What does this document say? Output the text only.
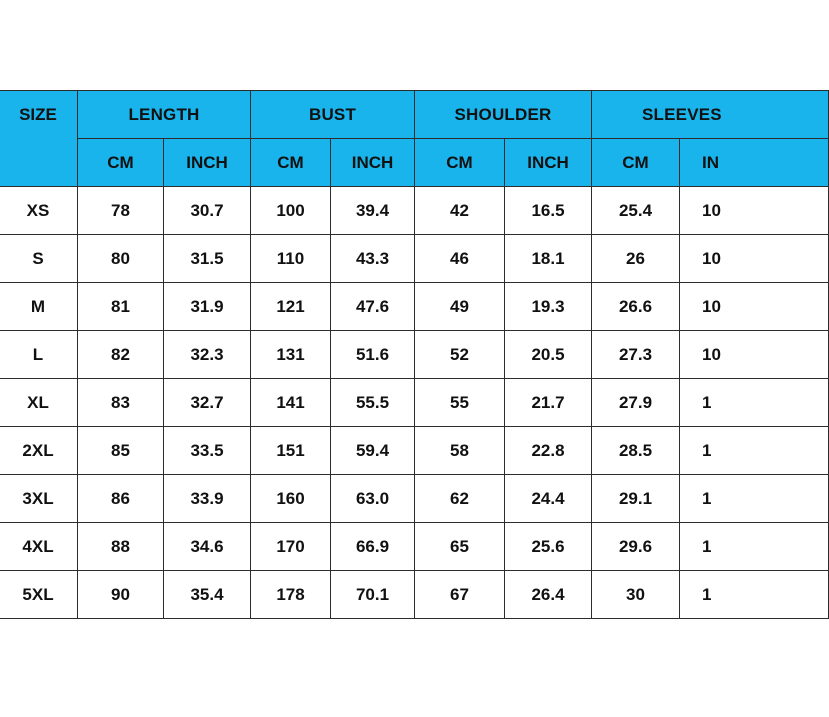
SIZE	LENGTH		BUST		SHOULDER		SLEEVES	
	CM	INCH	CM	INCH	CM	INCH	CM	IN
XS	78	30.7	100	39.4	42	16.5	25.4	10
S	80	31.5	110	43.3	46	18.1	26	10
M	81	31.9	121	47.6	49	19.3	26.6	10
L	82	32.3	131	51.6	52	20.5	27.3	10
XL	83	32.7	141	55.5	55	21.7	27.9	1
2XL	85	33.5	151	59.4	58	22.8	28.5	1
3XL	86	33.9	160	63.0	62	24.4	29.1	1
4XL	88	34.6	170	66.9	65	25.6	29.6	1
5XL	90	35.4	178	70.1	67	26.4	30	1
